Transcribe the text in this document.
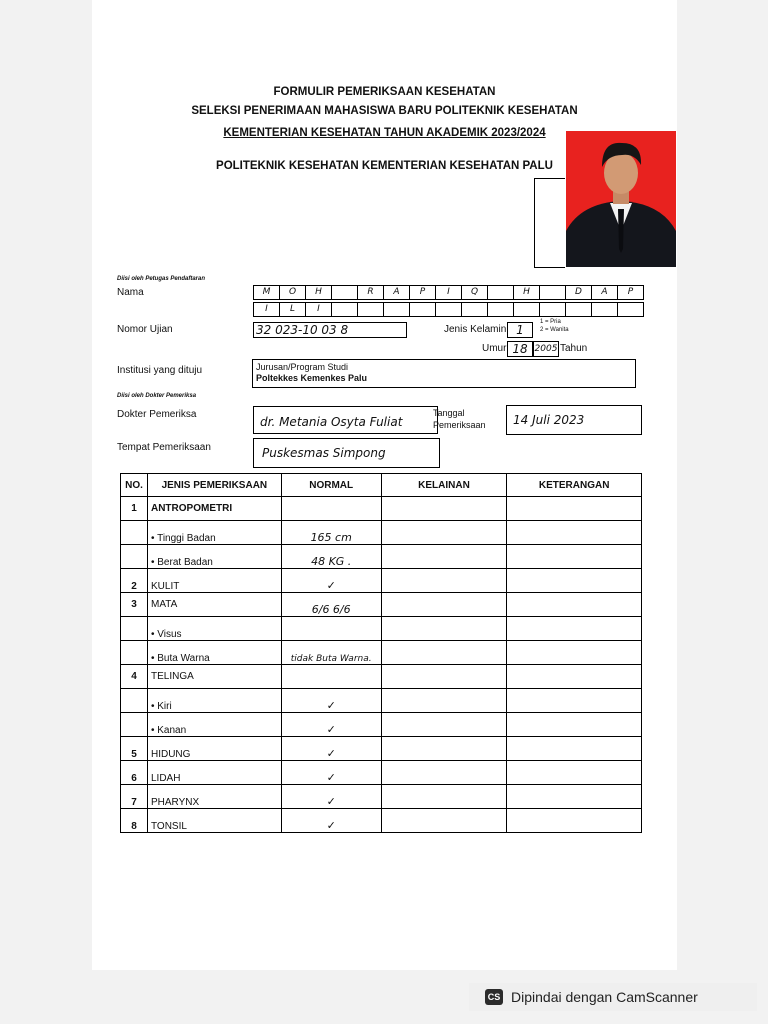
FORMULIR PEMERIKSAAN KESEHATAN
SELEKSI PENERIMAAN MAHASISWA BARU POLITEKNIK KESEHATAN
KEMENTERIAN KESEHATAN TAHUN AKADEMIK 2023/2024
POLITEKNIK KESEHATAN KEMENTERIAN KESEHATAN PALU
Diisi oleh Petugas Pendaftaran
Nama	M	O	H	R	A	P	I	Q	H	D	A	P
I	L	I
Nomor Ujian	32 023-10 03 8	Jenis Kelamin 1
1 = Pria
2 = Wanita
Umur 18 2005 Tahun
Institusi yang dituju	Jurusan/Program Studi
Poltekkes Kemenkes Palu
Diisi oleh Dokter Pemeriksa
Dokter Pemeriksa
dr. Metania Osyta Fuliat
Tanggal
Pemeriksaan	14 Juli 2023
Tempat Pemeriksaan	Puskesmas Simpong
NO.	JENIS PEMERIKSAAN	NORMAL	KELAINAN	KETERANGAN
1	ANTROPOMETRI			
	• Tinggi Badan	165 cm		
	• Berat Badan	48 KG .		
2	KULIT	✓		
3	MATA	6/6 6/6		
	• Visus			
	• Buta Warna	tidak Buta Warna.		
4	TELINGA			
	• Kiri	✓		
	• Kanan	✓		
5	HIDUNG	✓		
6	LIDAH	✓		
7	PHARYNX	✓		
8	TONSIL	✓		
CS Dipindai dengan CamScanner
